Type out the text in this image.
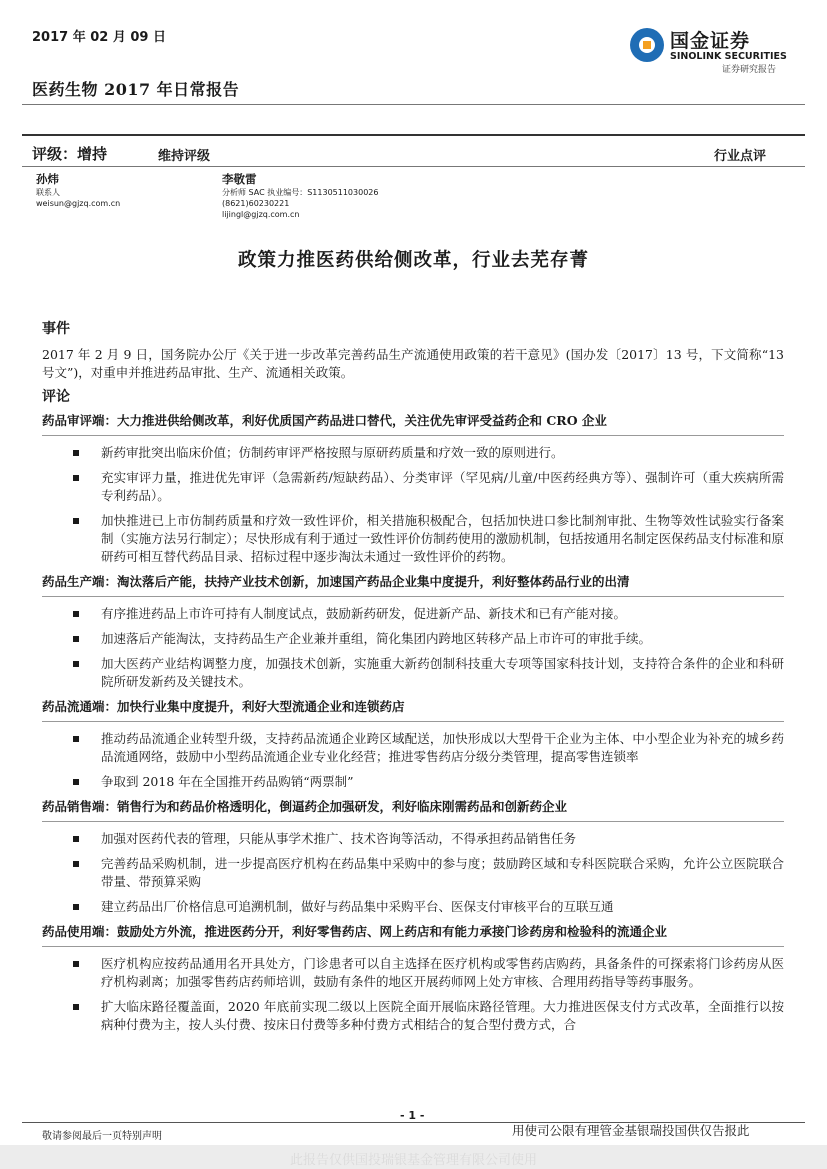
2017 年 02 月 09 日
医药生物 2017 年日常报告
国金证券
SINOLINK SECURITIES
证券研究报告
评级：增持	维持评级	行业点评
孙炜
联系人
weisun@gjzq.com.cn
李敬雷
分析师 SAC 执业编号：S1130511030026
(8621)60230221
lijingl@gjzq.com.cn
政策力推医药供给侧改革，行业去芜存菁
事件
2017 年 2 月 9 日，国务院办公厅《关于进一步改革完善药品生产流通使用政策的若干意见》(国办发〔2017〕13 号，下文简称“13 号文”)，对重申并推进药品审批、生产、流通相关政策。
评论
药品审评端：大力推进供给侧改革，利好优质国产药品进口替代，关注优先审评受益药企和 CRO 企业
新药审批突出临床价值；仿制药审评严格按照与原研药质量和疗效一致的原则进行。
充实审评力量，推进优先审评（急需新药/短缺药品）、分类审评（罕见病/儿童/中医药经典方等）、强制许可（重大疾病所需专利药品）。
加快推进已上市仿制药质量和疗效一致性评价，相关措施积极配合，包括加快进口参比制剂审批、生物等效性试验实行备案制（实施方法另行制定）；尽快形成有利于通过一致性评价仿制药使用的激励机制，包括按通用名制定医保药品支付标准和原研药可相互替代药品目录、招标过程中逐步淘汰未通过一致性评价的药物。
药品生产端：淘汰落后产能，扶持产业技术创新，加速国产药品企业集中度提升，利好整体药品行业的出清
有序推进药品上市许可持有人制度试点，鼓励新药研发，促进新产品、新技术和已有产能对接。
加速落后产能淘汰，支持药品生产企业兼并重组，简化集团内跨地区转移产品上市许可的审批手续。
加大医药产业结构调整力度，加强技术创新，实施重大新药创制科技重大专项等国家科技计划，支持符合条件的企业和科研院所研发新药及关键技术。
药品流通端：加快行业集中度提升，利好大型流通企业和连锁药店
推动药品流通企业转型升级，支持药品流通企业跨区域配送，加快形成以大型骨干企业为主体、中小型企业为补充的城乡药品流通网络，鼓励中小型药品流通企业专业化经营；推进零售药店分级分类管理，提高零售连锁率
争取到 2018 年在全国推开药品购销“两票制”
药品销售端：销售行为和药品价格透明化，倒逼药企加强研发，利好临床刚需药品和创新药企业
加强对医药代表的管理，只能从事学术推广、技术咨询等活动，不得承担药品销售任务
完善药品采购机制，进一步提高医疗机构在药品集中采购中的参与度；鼓励跨区域和专科医院联合采购，允许公立医院联合带量、带预算采购
建立药品出厂价格信息可追溯机制，做好与药品集中采购平台、医保支付审核平台的互联互通
药品使用端：鼓励处方外流，推进医药分开，利好零售药店、网上药店和有能力承接门诊药房和检验科的流通企业
医疗机构应按药品通用名开具处方，门诊患者可以自主选择在医疗机构或零售药店购药，具备条件的可探索将门诊药房从医疗机构剥离；加强零售药店药师培训，鼓励有条件的地区开展药师网上处方审核、合理用药指导等药事服务。
扩大临床路径覆盖面，2020 年底前实现二级以上医院全面开展临床路径管理。大力推进医保支付方式改革，全面推行以按病种付费为主，按人头付费、按床日付费等多种付费方式相结合的复合型付费方式，合
- 1 -
敬请参阅最后一页特别声明	用使司公限有理管金基银瑞投国供仅告报此
此报告仅供国投瑞银基金管理有限公司使用
